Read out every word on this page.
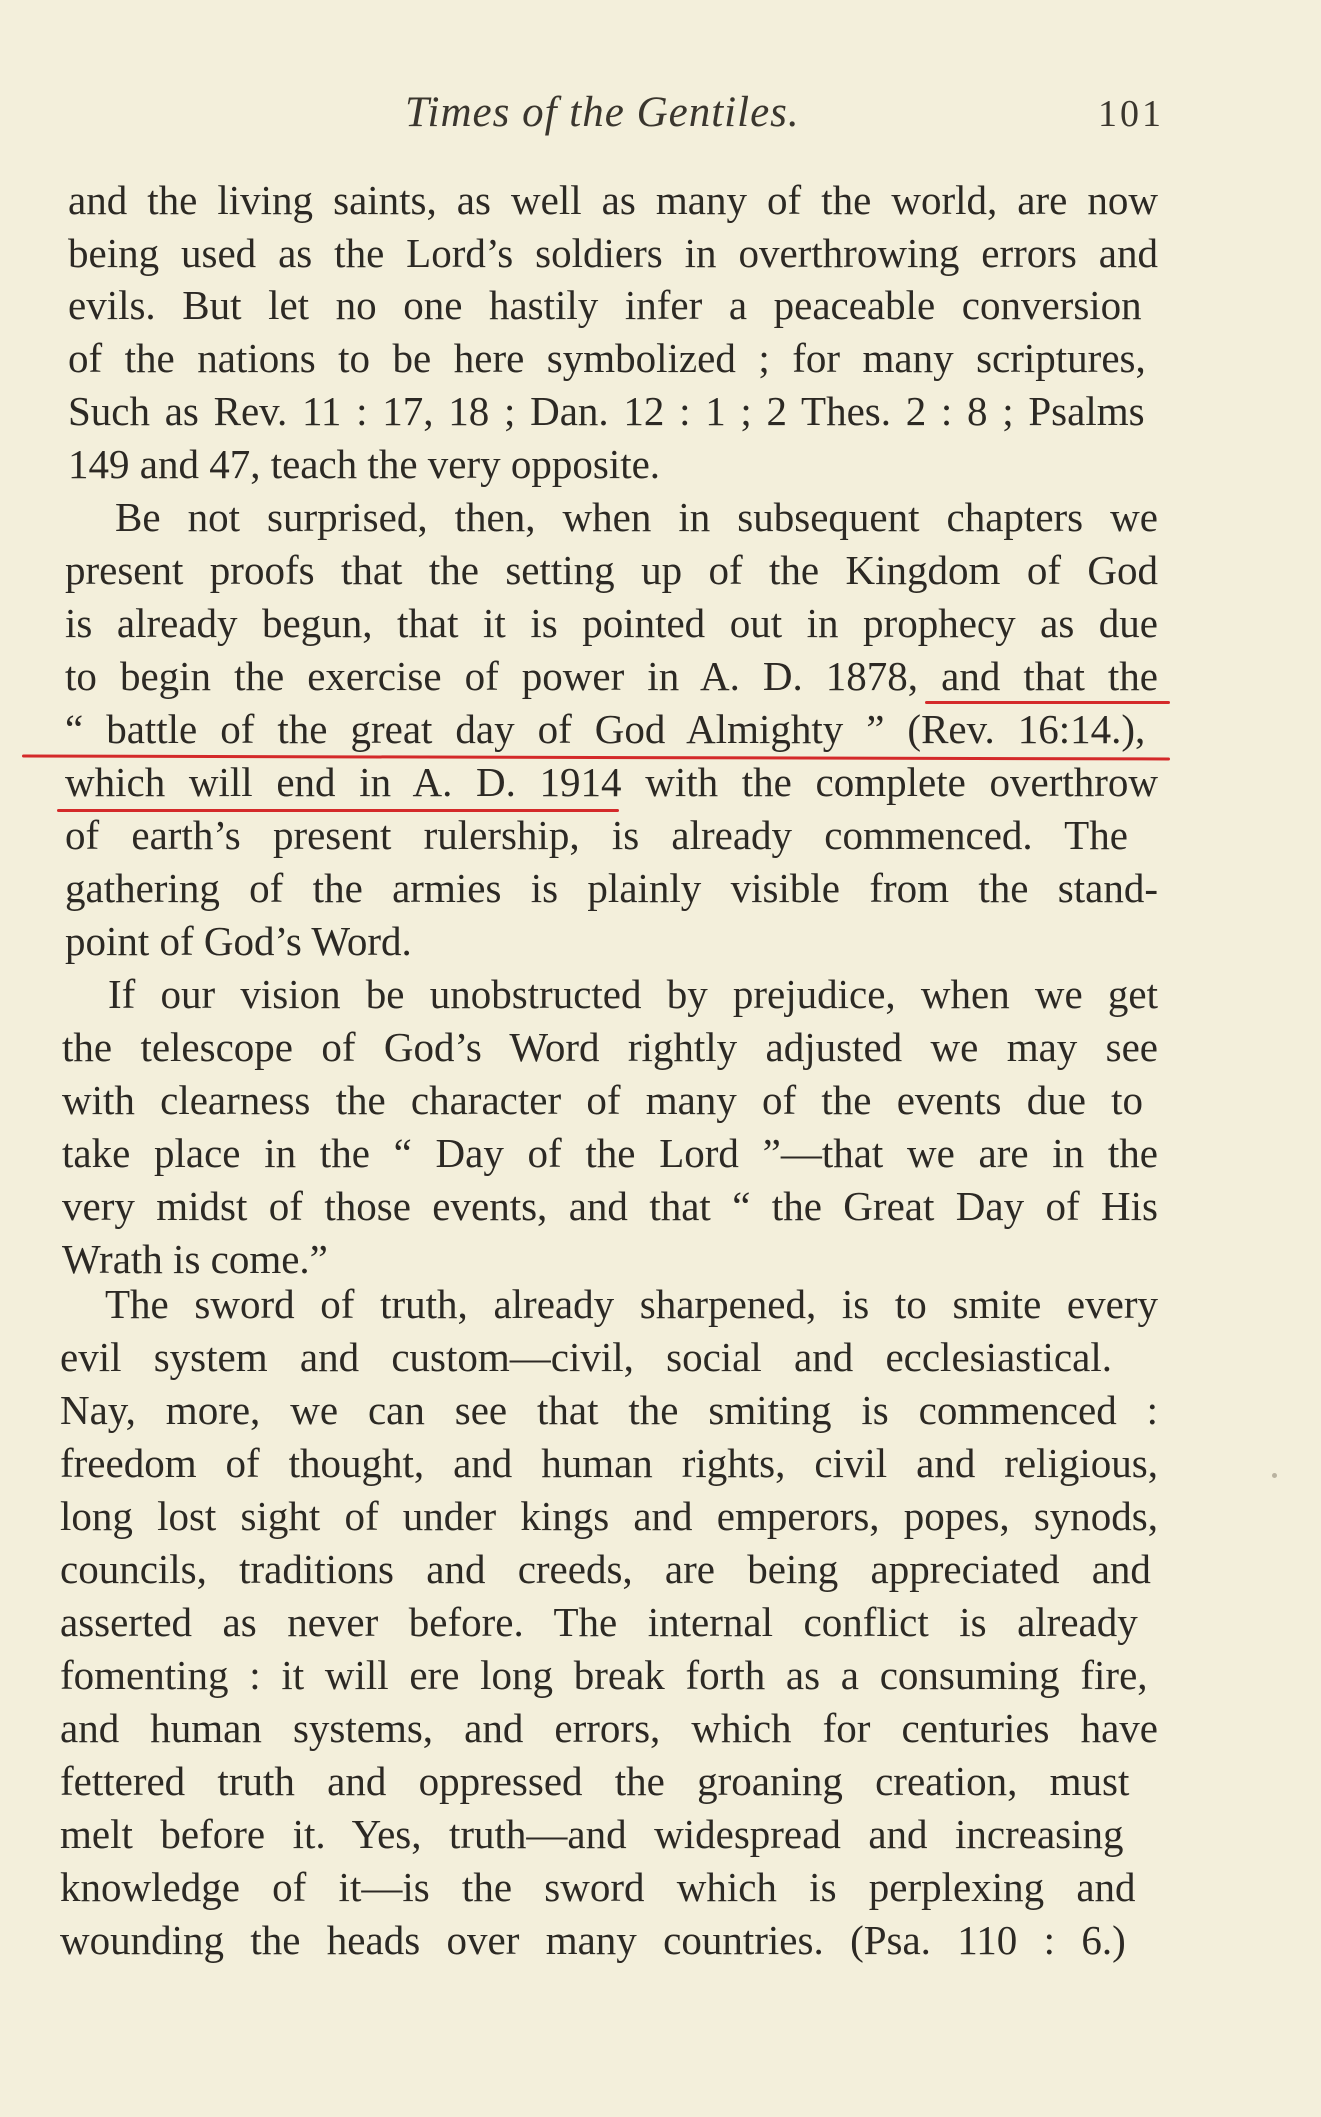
Times of the Gentiles.	101
and the living saints, as well as many of the world, are now
being used as the Lord’s soldiers in overthrowing errors and
evils. But let no one hastily infer a peaceable conversion
of the nations to be here symbolized ; for many scriptures,
Such as Rev. 11 : 17, 18 ; Dan. 12 : 1 ; 2 Thes. 2 : 8 ; Psalms
149 and 47, teach the very opposite.
Be not surprised, then, when in subsequent chapters we
present proofs that the setting up of the Kingdom of God
is already begun, that it is pointed out in prophecy as due
to begin the exercise of power in A. D. 1878, and that the
“ battle of the great day of God Almighty ” (Rev. 16:14.),
which will end in A. D. 1914 with the complete overthrow
of earth’s present rulership, is already commenced. The
gathering of the armies is plainly visible from the stand-
point of God’s Word.
If our vision be unobstructed by prejudice, when we get
the telescope of God’s Word rightly adjusted we may see
with clearness the character of many of the events due to
take place in the “ Day of the Lord ”—that we are in the
very midst of those events, and that “ the Great Day of His
Wrath is come.”
The sword of truth, already sharpened, is to smite every
evil system and custom—civil, social and ecclesiastical.
Nay, more, we can see that the smiting is commenced :
freedom of thought, and human rights, civil and religious,
long lost sight of under kings and emperors, popes, synods,
councils, traditions and creeds, are being appreciated and
asserted as never before. The internal conflict is already
fomenting : it will ere long break forth as a consuming fire,
and human systems, and errors, which for centuries have
fettered truth and oppressed the groaning creation, must
melt before it. Yes, truth—and widespread and increasing
knowledge of it—is the sword which is perplexing and
wounding the heads over many countries. (Psa. 110 : 6.)
